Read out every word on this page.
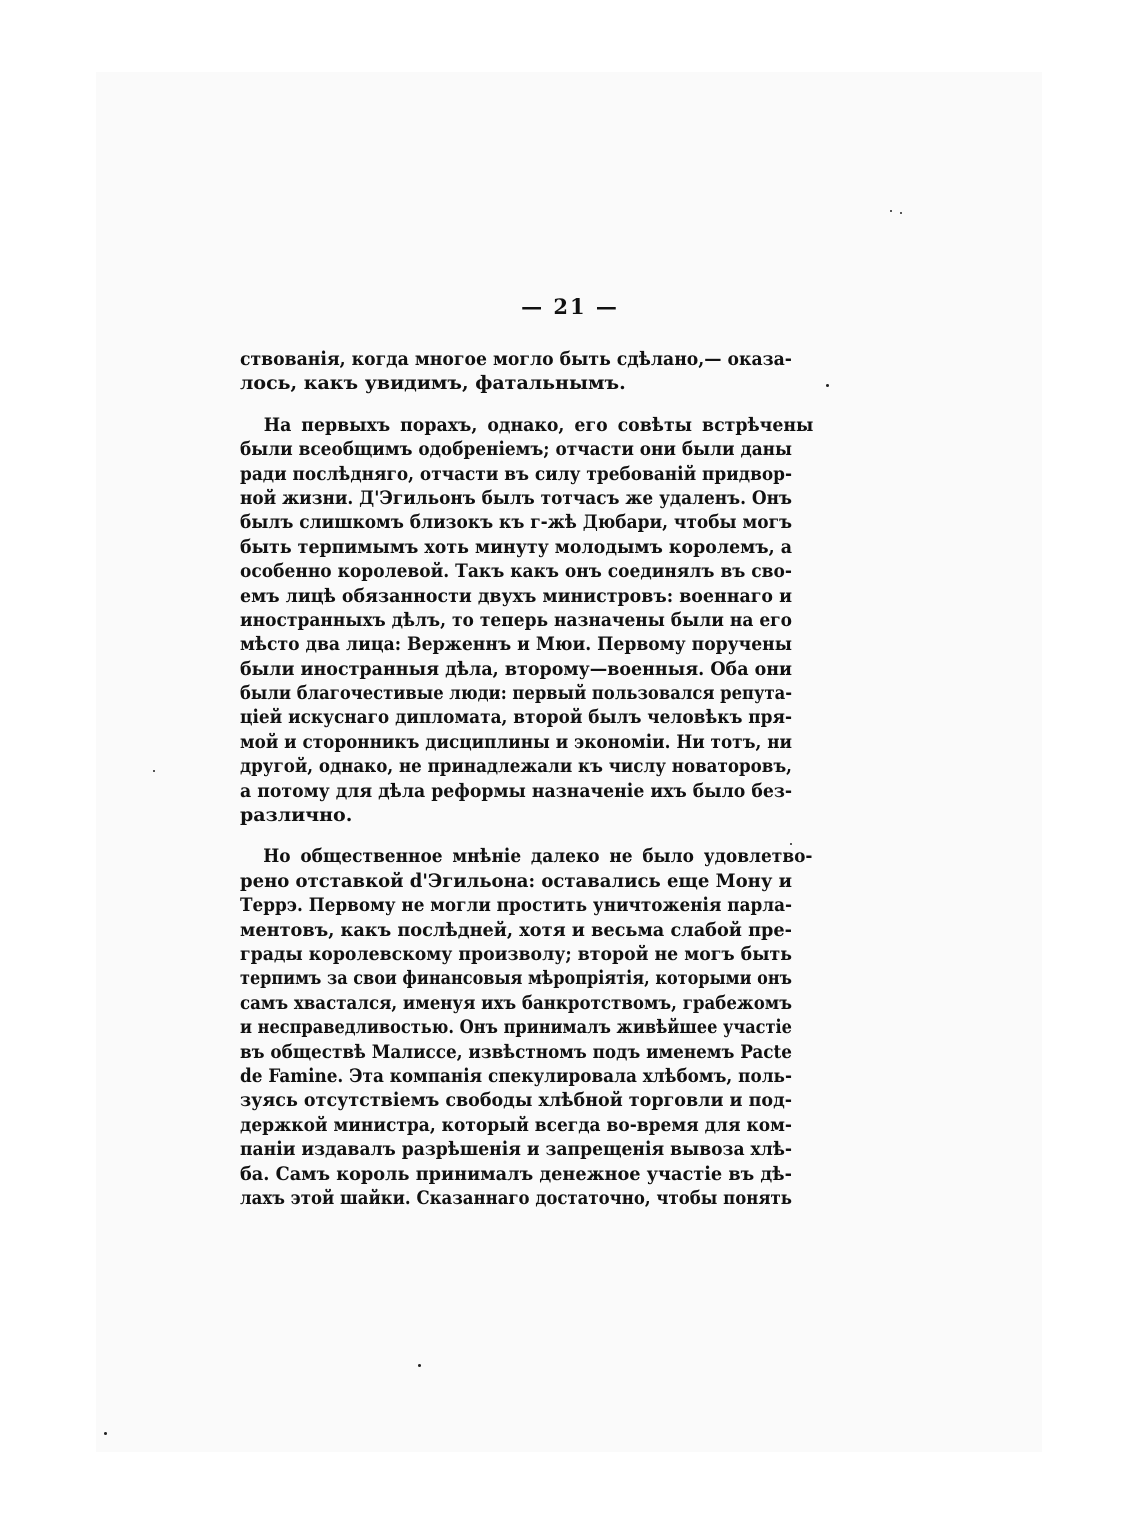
— 21 —
ствованія, когда многое могло быть сдѣлано,— оказа-
лось, какъ увидимъ, фатальнымъ.
На первыхъ порахъ, однако, его совѣты встрѣчены
были всеобщимъ одобреніемъ; отчасти они были даны
ради послѣдняго, отчасти въ силу требованій придвор-
ной жизни. Д'Эгильонъ былъ тотчасъ же удаленъ. Онъ
былъ слишкомъ близокъ къ г-жѣ Дюбари, чтобы могъ
быть терпимымъ хоть минуту молодымъ королемъ, а
особенно королевой. Такъ какъ онъ соединялъ въ сво-
емъ лицѣ обязанности двухъ министровъ: военнаго и
иностранныхъ дѣлъ, то теперь назначены были на его
мѣсто два лица: Верженнъ и Мюи. Первому поручены
были иностранныя дѣла, второму—военныя. Оба они
были благочестивые люди: первый пользовался репута-
ціей искуснаго дипломата, второй былъ человѣкъ пря-
мой и сторонникъ дисциплины и экономіи. Ни тотъ, ни
другой, однако, не принадлежали къ числу новаторовъ,
а потому для дѣла реформы назначеніе ихъ было без-
различно.
Но общественное мнѣніе далеко не было удовлетво-
рено отставкой d'Эгильона: оставались еще Мону и
Террэ. Первому не могли простить уничтоженія парла-
ментовъ, какъ послѣдней, хотя и весьма слабой пре-
грады королевскому произволу; второй не могъ быть
терпимъ за свои финансовыя мѣропріятія, которыми онъ
самъ хвастался, именуя ихъ банкротствомъ, грабежомъ
и несправедливостью. Онъ принималъ живѣйшее участіе
въ обществѣ Малиссе, извѣстномъ подъ именемъ Pacte
de Famine. Эта компанія спекулировала хлѣбомъ, поль-
зуясь отсутствіемъ свободы хлѣбной торговли и под-
держкой министра, который всегда во-время для ком-
паніи издавалъ разрѣшенія и запрещенія вывоза хлѣ-
ба. Самъ король принималъ денежное участіе въ дѣ-
лахъ этой шайки. Сказаннаго достаточно, чтобы понять
